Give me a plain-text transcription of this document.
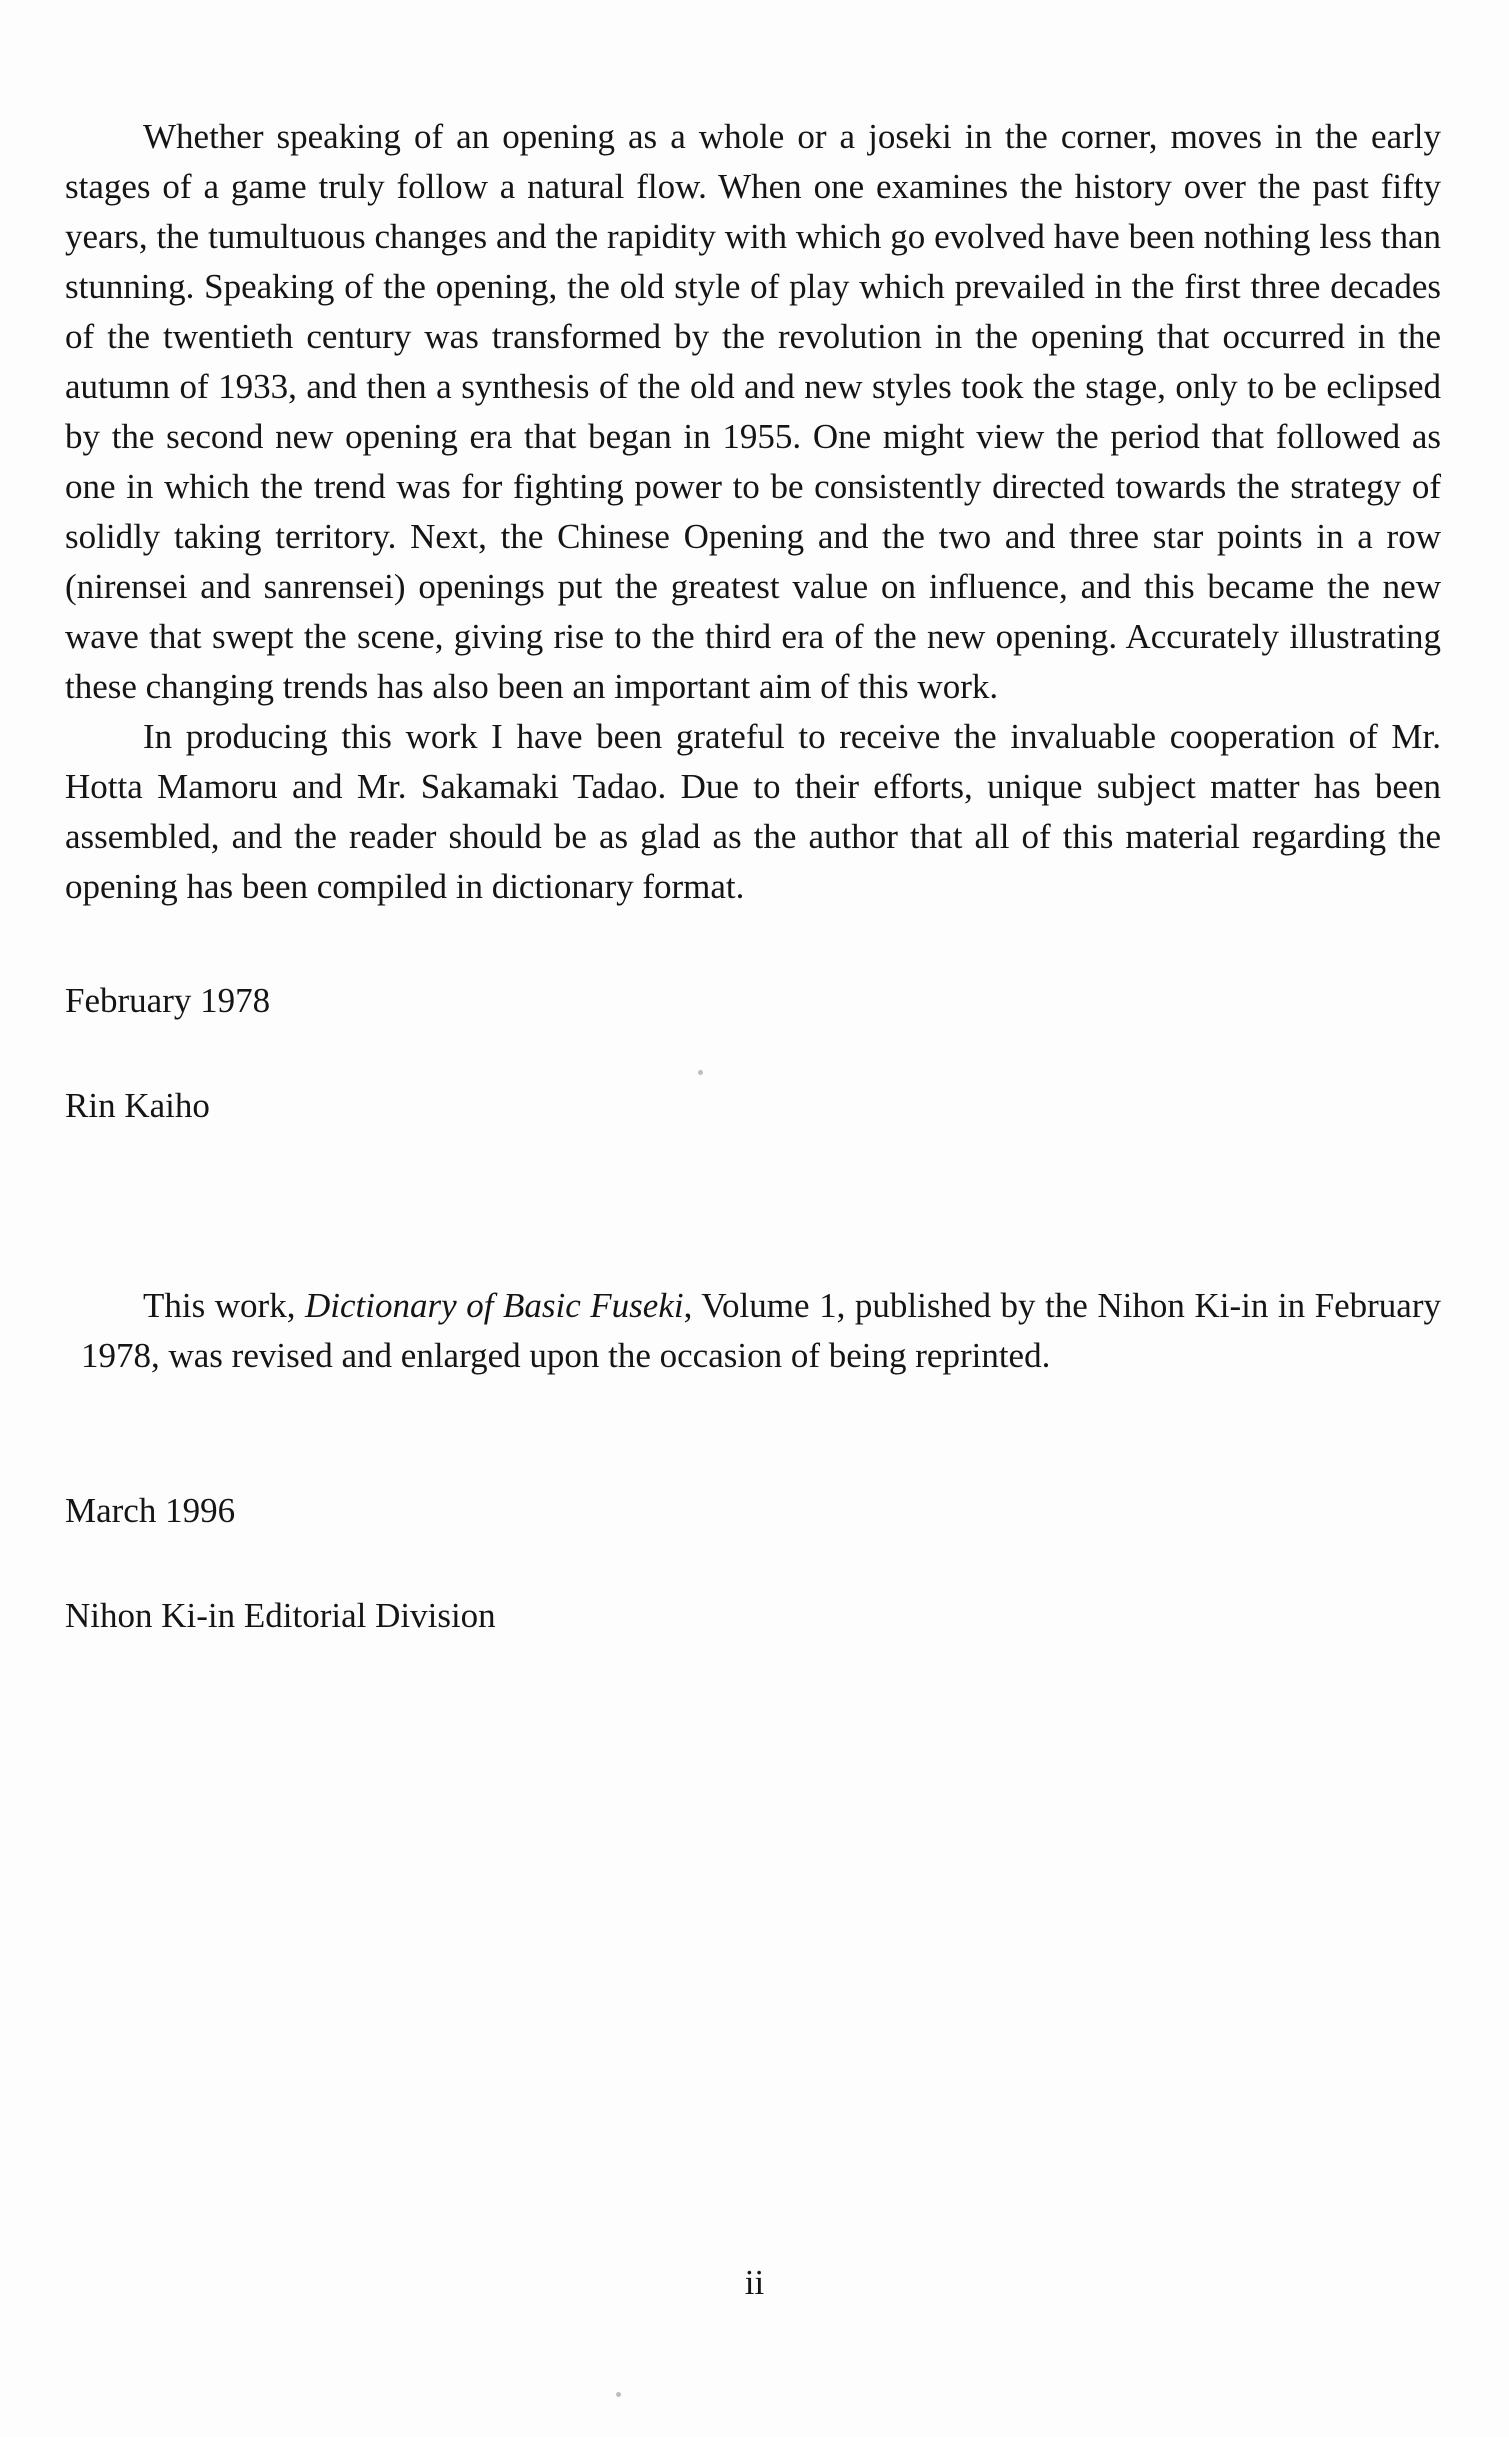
Whether speaking of an opening as a whole or a joseki in the corner, moves in the early stages of a game truly follow a natural flow. When one examines the history over the past fifty years, the tumultuous changes and the rapidity with which go evolved have been nothing less than stunning. Speaking of the opening, the old style of play which prevailed in the first three decades of the twentieth century was transformed by the revolution in the opening that occurred in the autumn of 1933, and then a synthesis of the old and new styles took the stage, only to be eclipsed by the second new opening era that began in 1955. One might view the period that followed as one in which the trend was for fighting power to be consistently directed towards the strategy of solidly taking territory. Next, the Chinese Opening and the two and three star points in a row (nirensei and sanrensei) openings put the greatest value on influence, and this became the new wave that swept the scene, giving rise to the third era of the new opening. Accurately illustrating these changing trends has also been an important aim of this work.

In producing this work I have been grateful to receive the invaluable cooperation of Mr. Hotta Mamoru and Mr. Sakamaki Tadao. Due to their efforts, unique subject matter has been assembled, and the reader should be as glad as the author that all of this material regarding the opening has been compiled in dictionary format.

February 1978

Rin Kaiho

This work, Dictionary of Basic Fuseki, Volume 1, published by the Nihon Ki-in in February 1978, was revised and enlarged upon the occasion of being reprinted.

March 1996

Nihon Ki-in Editorial Division

ii
